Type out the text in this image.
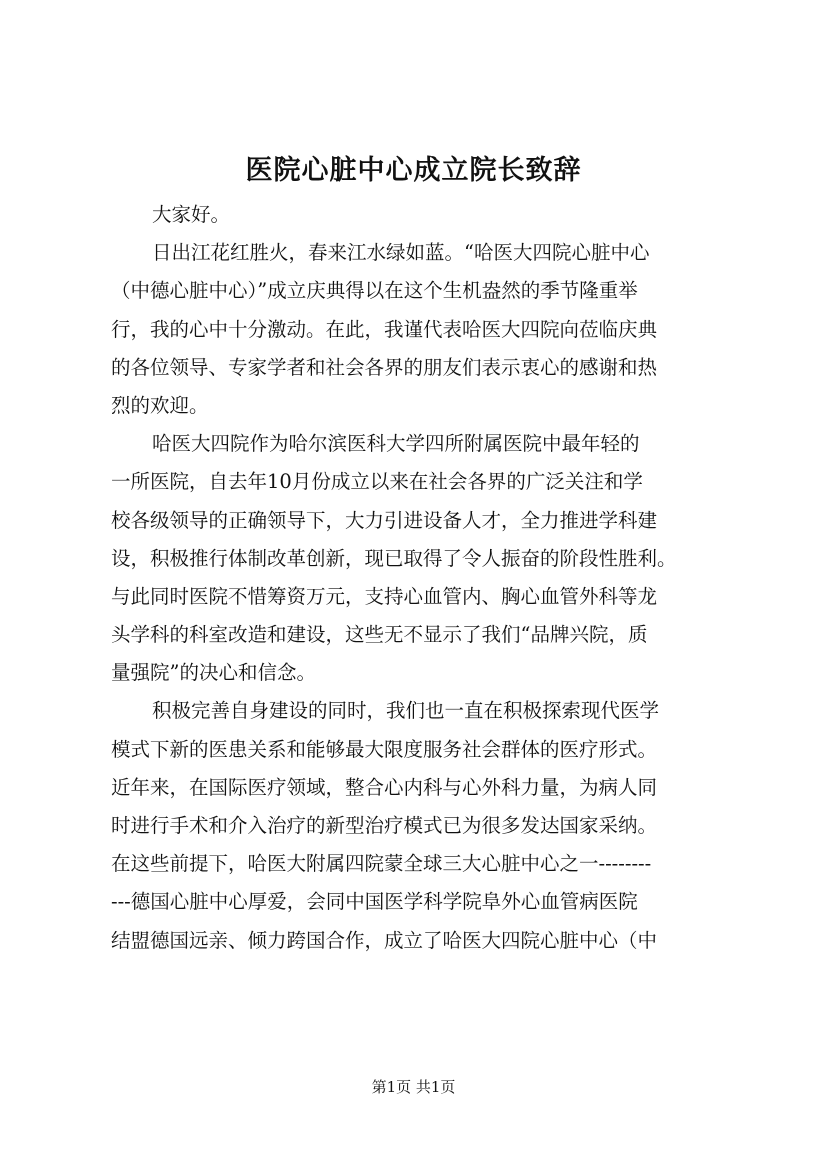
医院心脏中心成立院长致辞
大家好。
日出江花红胜火，春来江水绿如蓝。“哈医大四院心脏中心
（中德心脏中心）”成立庆典得以在这个生机盎然的季节隆重举
行，我的心中十分激动。在此，我谨代表哈医大四院向莅临庆典
的各位领导、专家学者和社会各界的朋友们表示衷心的感谢和热
烈的欢迎。
哈医大四院作为哈尔滨医科大学四所附属医院中最年轻的
一所医院，自去年10月份成立以来在社会各界的广泛关注和学
校各级领导的正确领导下，大力引进设备人才，全力推进学科建
设，积极推行体制改革创新，现已取得了令人振奋的阶段性胜利。
与此同时医院不惜筹资万元，支持心血管内、胸心血管外科等龙
头学科的科室改造和建设，这些无不显示了我们“品牌兴院，质
量强院”的决心和信念。
积极完善自身建设的同时，我们也一直在积极探索现代医学
模式下新的医患关系和能够最大限度服务社会群体的医疗形式。
近年来，在国际医疗领域，整合心内科与心外科力量，为病人同
时进行手术和介入治疗的新型治疗模式已为很多发达国家采纳。
在这些前提下，哈医大附属四院蒙全球三大心脏中心之一--------
---德国心脏中心厚爱，会同中国医学科学院阜外心血管病医院
结盟德国远亲、倾力跨国合作，成立了哈医大四院心脏中心（中
第1页 共1页
